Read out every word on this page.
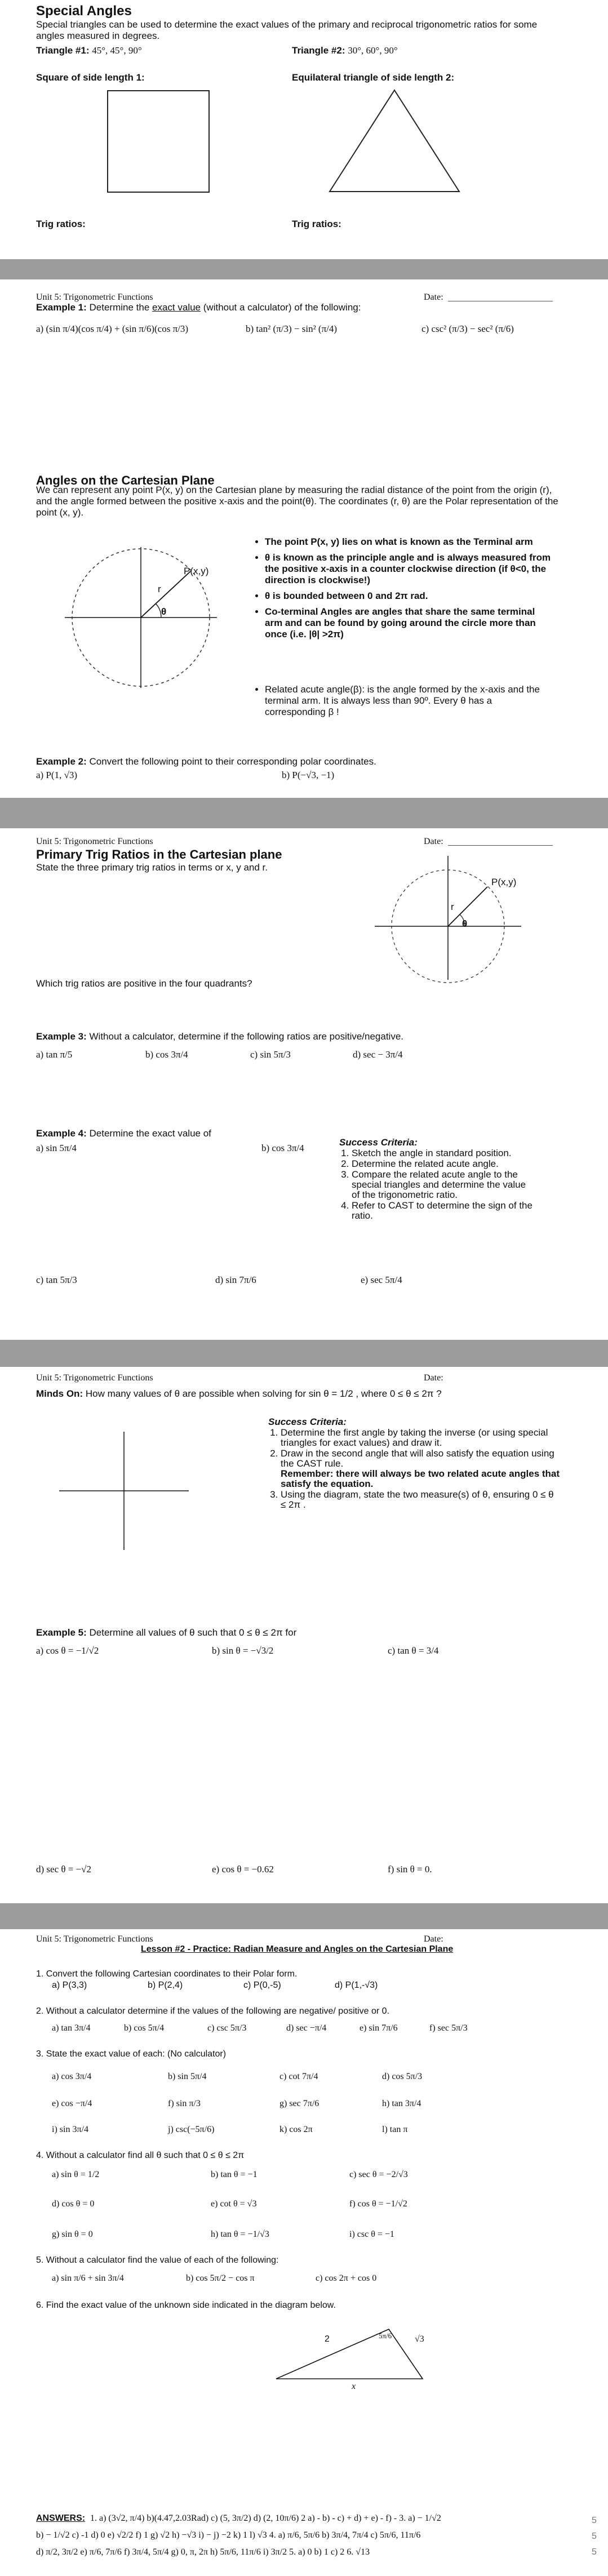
Special Angles
Special triangles can be used to determine the exact values of the primary and reciprocal trigonometric ratios for some angles measured in degrees.
Triangle #1: 45°, 45°, 90°	Triangle #2: 30°, 60°, 90°
Square of side length 1:	Equilateral triangle of side length 2:
Trig ratios:	Trig ratios:
Unit 5: Trigonometric Functions	Date:
Example 1: Determine the exact value (without a calculator) of the following:
a) (sin π/4)(cos π/4) + (sin π/6)(cos π/3)	b) tan² (π/3) − sin² (π/4)	c) csc² (π/3) − sec² (π/6)
Angles on the Cartesian Plane
We can represent any point P(x, y) on the Cartesian plane by measuring the radial distance of the point from the origin (r), and the angle formed between the positive x-axis and the point(θ). The coordinates (r, θ) are the Polar representation of the point (x, y).
P(x,y)
r
θ
• The point P(x, y) lies on what is known as the Terminal arm
• θ is known as the principle angle and is always measured from the positive x-axis in a counter clockwise direction (if θ<0, the direction is clockwise!)
• θ is bounded between 0 and 2π rad.
• Co-terminal Angles are angles that share the same terminal arm and can be found by going around the circle more than once (i.e. |θ| >2π)
• Related acute angle(β): is the angle formed by the x-axis and the terminal arm. It is always less than 90º. Every θ has a corresponding β !
Example 2: Convert the following point to their corresponding polar coordinates.
a) P(1, √3)	b) P(−√3, −1)
Unit 5: Trigonometric Functions	Date:
Primary Trig Ratios in the Cartesian plane
State the three primary trig ratios in terms or x, y and r.
P(x,y)
r
θ
Which trig ratios are positive in the four quadrants?
Example 3: Without a calculator, determine if the following ratios are positive/negative.
a) tan π/5	b) cos 3π/4	c) sin 5π/3	d) sec − 3π/4
Example 4: Determine the exact value of
a) sin 5π/4	b) cos 3π/4
Success Criteria:
1. Sketch the angle in standard position.
2. Determine the related acute angle.
3. Compare the related acute angle to the special triangles and determine the value of the trigonometric ratio.
4. Refer to CAST to determine the sign of the ratio.
c) tan 5π/3	d) sin 7π/6	e) sec 5π/4
Unit 5: Trigonometric Functions	Date:
Minds On: How many values of θ are possible when solving for sin θ = 1/2 , where 0 ≤ θ ≤ 2π ?
Success Criteria:
1. Determine the first angle by taking the inverse (or using special triangles for exact values) and draw it.
2. Draw in the second angle that will also satisfy the equation using the CAST rule.
Remember: there will always be two related acute angles that satisfy the equation.
3. Using the diagram, state the two measure(s) of θ, ensuring 0 ≤ θ ≤ 2π .
Example 5: Determine all values of θ such that 0 ≤ θ ≤ 2π for
a) cos θ = −1/√2	b) sin θ = −√3/2	c) tan θ = 3/4
d) sec θ = −√2	e) cos θ = −0.62	f) sin θ = 0.
Unit 5: Trigonometric Functions	Date:
Lesson #2 - Practice: Radian Measure and Angles on the Cartesian Plane
1. Convert the following Cartesian coordinates to their Polar form.
a) P(3,3)	b) P(2,4)	c) P(0,-5)	d) P(1,-√3)
2. Without a calculator determine if the values of the following are negative/ positive or 0.
a) tan 3π/4	b) cos 5π/4	c) csc 5π/3	d) sec −π/4	e) sin 7π/6	f) sec 5π/3
3. State the exact value of each: (No calculator)
a) cos 3π/4	b) sin 5π/4	c) cot 7π/4	d) cos 5π/3
e) cos −π/4	f) sin π/3	g) sec 7π/6	h) tan 3π/4
i) sin 3π/4	j) csc(−5π/6)	k) cos 2π	l) tan π
4. Without a calculator find all θ such that 0 ≤ θ ≤ 2π
a) sin θ = 1/2	b) tan θ = −1	c) sec θ = −2/√3
d) cos θ = 0	e) cot θ = √3	f) cos θ = −1/√2
g) sin θ = 0	h) tan θ = −1/√3	i) csc θ = −1
5. Without a calculator find the value of each of the following:
a) sin π/6 + sin 3π/4	b) cos 5π/2 − cos π	c) cos 2π + cos 0
6. Find the exact value of the unknown side indicated in the diagram below.
2	√3
5π/6
x
ANSWERS: 1. a) (3√2, π/4) b)(4.47,2.03Rad) c) (5, 3π/2) d) (2, 10π/6) 2 a) - b) - c) + d) + e) - f) - 3. a) − 1/√2
b) − 1/√2 c) -1 d) 0 e) √2/2 f) 1 g) √2 h) −√3 i) − j) −2 k) 1 l) √3 4. a) π/6, 5π/6 b) 3π/4, 7π/4 c) 5π/6, 11π/6
d) π/2, 3π/2 e) π/6, 7π/6 f) 3π/4, 5π/4 g) 0, π, 2π h) 5π/6, 11π/6 i) 3π/2 5. a) 0 b) 1 c) 2 6. √13
5
5
5
